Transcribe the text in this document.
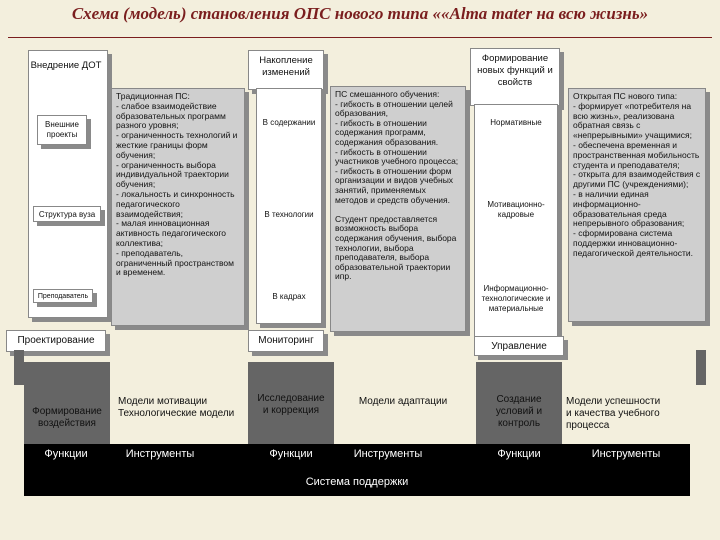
Схема (модель) становления ОПС нового типа ««Alma mater на всю жизнь»
Внедрение ДОТ
Внешние проекты
Структура вуза
Преподаватель
Традиционная ПС:
- слабое взаимодействие образовательных программ разного уровня;
- ограниченность технологий и жесткие границы форм обучения;
- ограниченность выбора индивидуальной траектории обучения;
- локальность и синхронность педагогического взаимодействия;
- малая инновационная активность педагогического коллектива;
- преподаватель, ограниченный пространством и временем.
Накопление изменений
В содержании
В технологии
В кадрах
ПС смешанного обучения:
- гибкость в отношении целей образования,
- гибкость в отношении содержания программ, содержания образования.
- гибкость в отношении участников учебного процесса;
- гибкость в отношении форм организации и видов учебных занятий, применяемых методов и средств обучения.

Студент предоставляется возможность выбора содержания обучения, выбора технологии, выбора преподавателя, выбора образовательной траектории ипр.
Формирование новых функций и свойств
Нормативные
Мотивационно-кадровые
Информационно-технологические и материальные
Открытая ПС нового типа:
- формирует «потребителя на всю жизнь», реализована обратная связь с «непрерывными» учащимися;
- обеспечена временная и пространственная мобильность студента и преподавателя;
- открыта для взаимодействия с другими ПС (учреждениями);
- в наличии единая информационно-образовательная среда непрерывного образования;
- сформирована система поддержки инновационно-педагогической деятельности.
Проектирование	Мониторинг
Управление
Формирование воздействия
Модели мотивации
Технологические модели
Исследование
и коррекция
Модели адаптации	Создание условий и контроль
Модели успешности
и качества учебного
процесса
Функции	Инструменты	Функции	Инструменты	Функции	Инструменты
Система поддержки
